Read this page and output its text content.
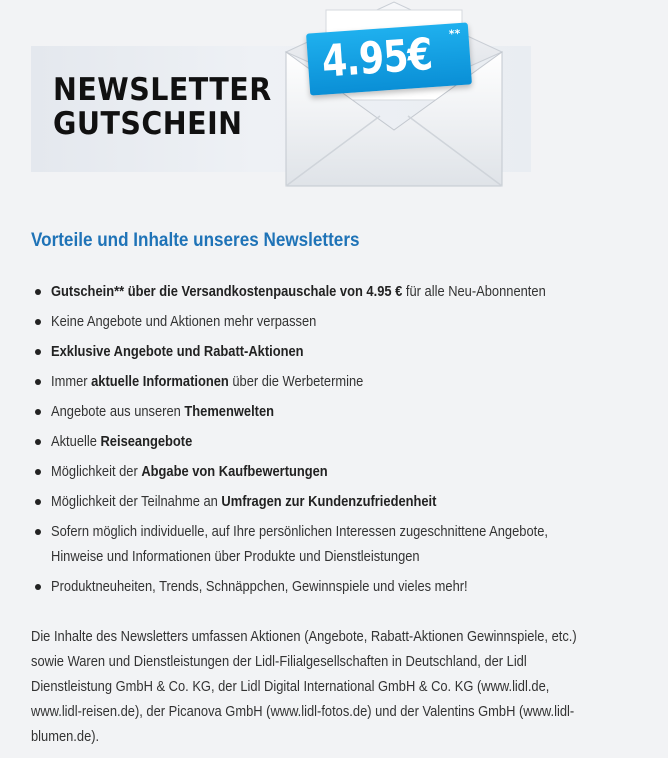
NEWSLETTER
GUTSCHEIN
4.95€ **
Vorteile und Inhalte unseres Newsletters
Gutschein** über die Versandkostenpauschale von 4.95 € für alle Neu-Abonnenten
Keine Angebote und Aktionen mehr verpassen
Exklusive Angebote und Rabatt-Aktionen
Immer aktuelle Informationen über die Werbetermine
Angebote aus unseren Themenwelten
Aktuelle Reiseangebote
Möglichkeit der Abgabe von Kaufbewertungen
Möglichkeit der Teilnahme an Umfragen zur Kundenzufriedenheit
Sofern möglich individuelle, auf Ihre persönlichen Interessen zugeschnittene Angebote, Hinweise und Informationen über Produkte und Dienstleistungen
Produktneuheiten, Trends, Schnäppchen, Gewinnspiele und vieles mehr!
Die Inhalte des Newsletters umfassen Aktionen (Angebote, Rabatt-Aktionen Gewinnspiele, etc.) sowie Waren und Dienstleistungen der Lidl-Filialgesellschaften in Deutschland, der Lidl Dienstleistung GmbH & Co. KG, der Lidl Digital International GmbH & Co. KG (www.lidl.de, www.lidl-reisen.de), der Picanova GmbH (www.lidl-fotos.de) und der Valentins GmbH (www.lidl-blumen.de).
